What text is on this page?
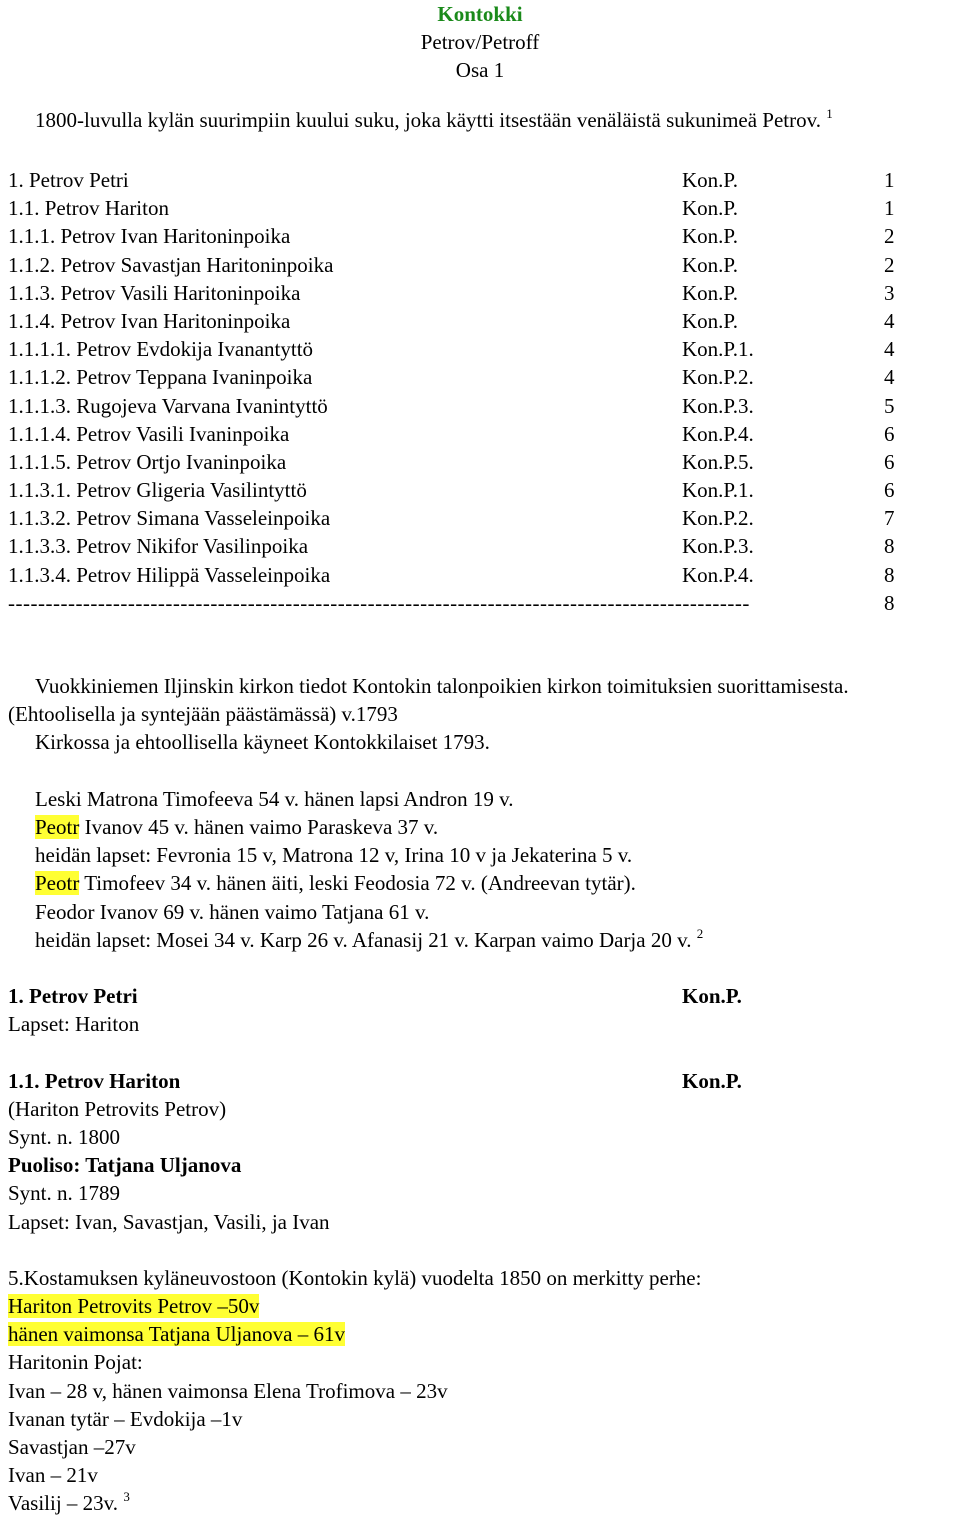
Kontokki
Petrov/Petroff
Osa 1
1800-luvulla kylän suurimpiin kuului suku, joka käytti itsestään venäläistä sukunimeä Petrov. $^1$
1. Petrov Petri	Kon.P.	1
1.1. Petrov Hariton	Kon.P.	1
1.1.1. Petrov Ivan Haritoninpoika	Kon.P.	2
1.1.2. Petrov Savastjan Haritoninpoika	Kon.P.	2
1.1.3. Petrov Vasili Haritoninpoika	Kon.P.	3
1.1.4. Petrov Ivan Haritoninpoika	Kon.P.	4
1.1.1.1. Petrov Evdokija Ivanantyttö	Kon.P.1.	4
1.1.1.2. Petrov Teppana Ivaninpoika	Kon.P.2.	4
1.1.1.3. Rugojeva Varvana Ivanintyttö	Kon.P.3.	5
1.1.1.4. Petrov Vasili Ivaninpoika	Kon.P.4.	6
1.1.1.5. Petrov Ortjo Ivaninpoika	Kon.P.5.	6
1.1.3.1. Petrov Gligeria Vasilintyttö	Kon.P.1.	6
1.1.3.2. Petrov Simana Vasseleinpoika	Kon.P.2.	7
1.1.3.3. Petrov Nikifor Vasilinpoika	Kon.P.3.	8
1.1.3.4. Petrov Hilippä Vasseleinpoika	Kon.P.4.	8
---------------------------------------------------------------------------------------------------	8
Vuokkiniemen Iljinskin kirkon tiedot Kontokin talonpoikien kirkon toimituksien suorittamisesta.
(Ehtoolisella ja syntejään päästämässä) v.1793
Kirkossa ja ehtoollisella käyneet Kontokkilaiset 1793.
Leski Matrona Timofeeva 54 v. hänen lapsi Andron 19 v.
Peotr Ivanov 45 v. hänen vaimo Paraskeva 37 v.
heidän lapset: Fevronia 15 v, Matrona 12 v, Irina 10 v ja Jekaterina 5 v.
Peotr Timofeev 34 v. hänen äiti, leski Feodosia 72 v. (Andreevan tytär).
Feodor Ivanov 69 v. hänen vaimo Tatjana 61 v.
heidän lapset: Mosei 34 v. Karp 26 v. Afanasij 21 v. Karpan vaimo Darja 20 v. $^2$
1. Petrov Petri	Kon.P.
Lapset: Hariton
1.1. Petrov Hariton	Kon.P.
(Hariton Petrovits Petrov)
Synt. n. 1800
Puoliso: Tatjana Uljanova
Synt. n. 1789
Lapset: Ivan, Savastjan, Vasili, ja Ivan
5.Kostamuksen kyläneuvostoon (Kontokin kylä) vuodelta 1850 on merkitty perhe:
Hariton Petrovits Petrov –50v
hänen vaimonsa Tatjana Uljanova – 61v
Haritonin Pojat:
Ivan – 28 v, hänen vaimonsa Elena Trofimova – 23v
Ivanan tytär – Evdokija –1v
Savastjan –27v
Ivan – 21v
Vasilij – 23v. $^3$
